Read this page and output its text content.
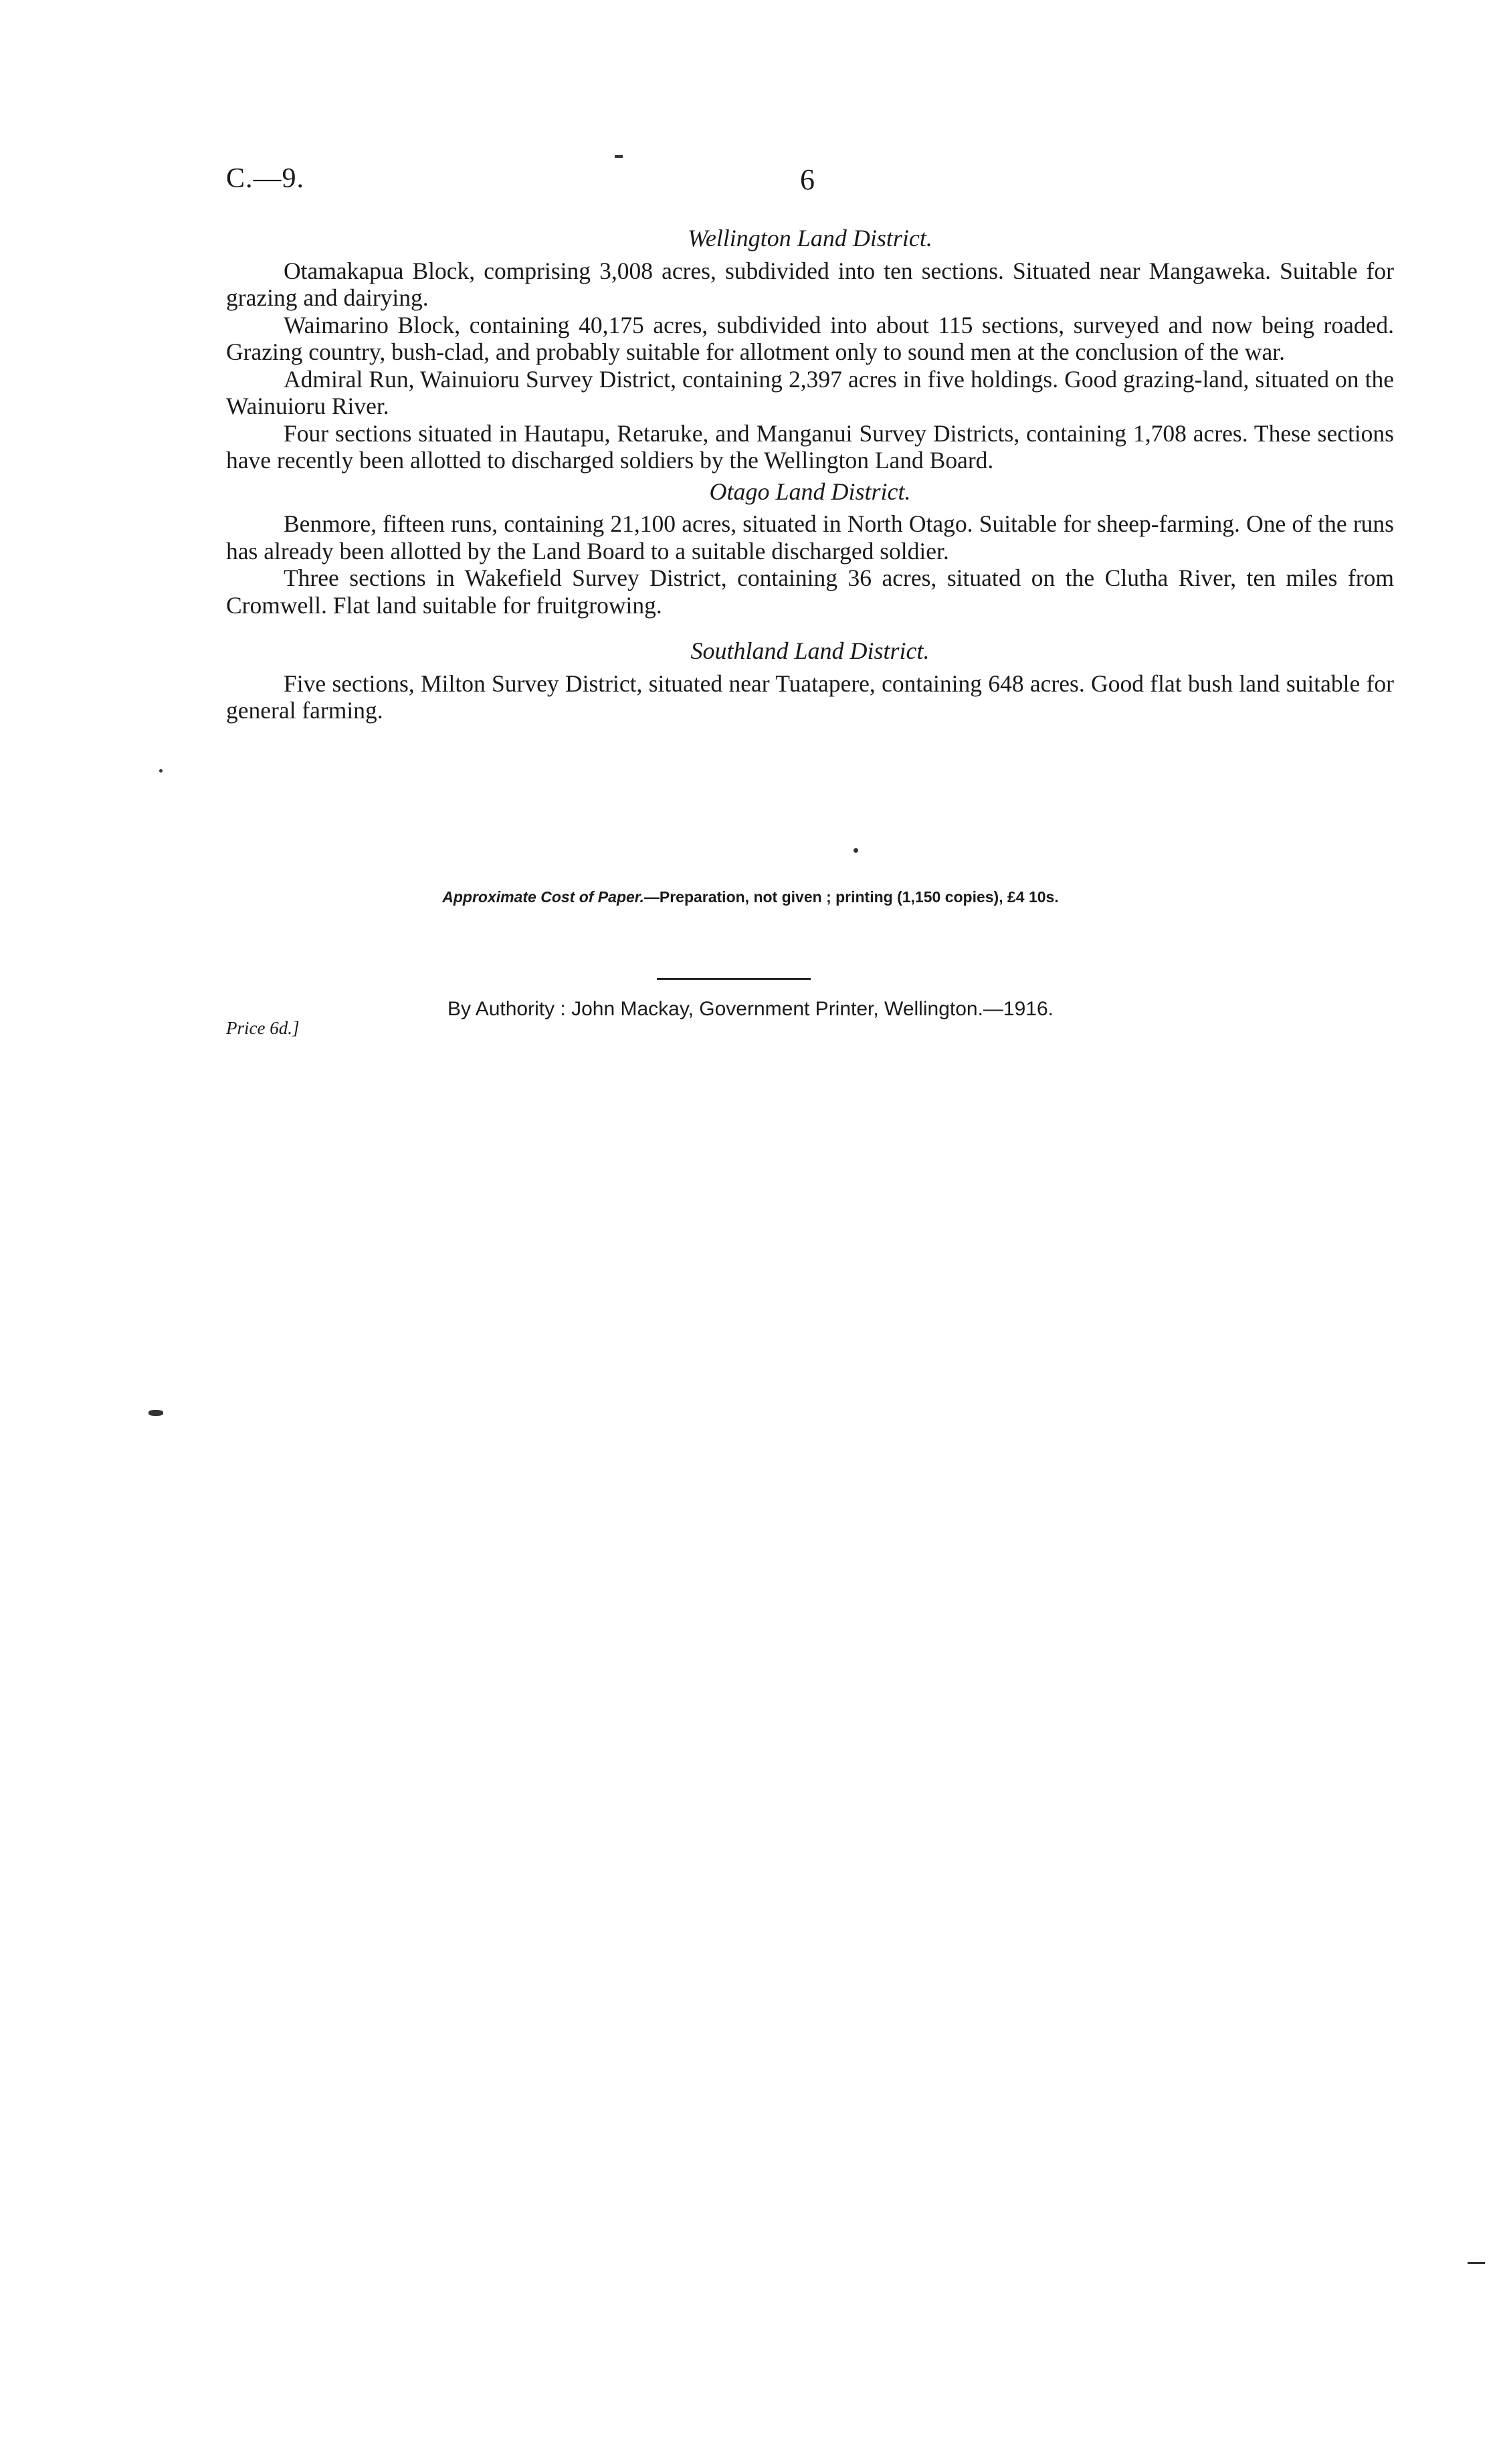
C.—9.	6
Wellington Land District.

Otamakapua Block, comprising 3,008 acres, subdivided into ten sections. Situated near Mangaweka. Suitable for grazing and dairying.

Waimarino Block, containing 40,175 acres, subdivided into about 115 sections, surveyed and now being roaded. Grazing country, bush-clad, and probably suitable for allotment only to sound men at the conclusion of the war.

Admiral Run, Wainuioru Survey District, containing 2,397 acres in five holdings. Good grazing-land, situated on the Wainuioru River.

Four sections situated in Hautapu, Retaruke, and Manganui Survey Districts, containing 1,708 acres. These sections have recently been allotted to discharged soldiers by the Wellington Land Board.

Otago Land District.

Benmore, fifteen runs, containing 21,100 acres, situated in North Otago. Suitable for sheep-farming. One of the runs has already been allotted by the Land Board to a suitable discharged soldier.

Three sections in Wakefield Survey District, containing 36 acres, situated on the Clutha River, ten miles from Cromwell. Flat land suitable for fruitgrowing.

Southland Land District.

Five sections, Milton Survey District, situated near Tuatapere, containing 648 acres. Good flat bush land suitable for general farming.

Approximate Cost of Paper.—Preparation, not given ; printing (1,150 copies), £4 10s.
Price 6d.]
By Authority : John Mackay, Government Printer, Wellington.—1916.
